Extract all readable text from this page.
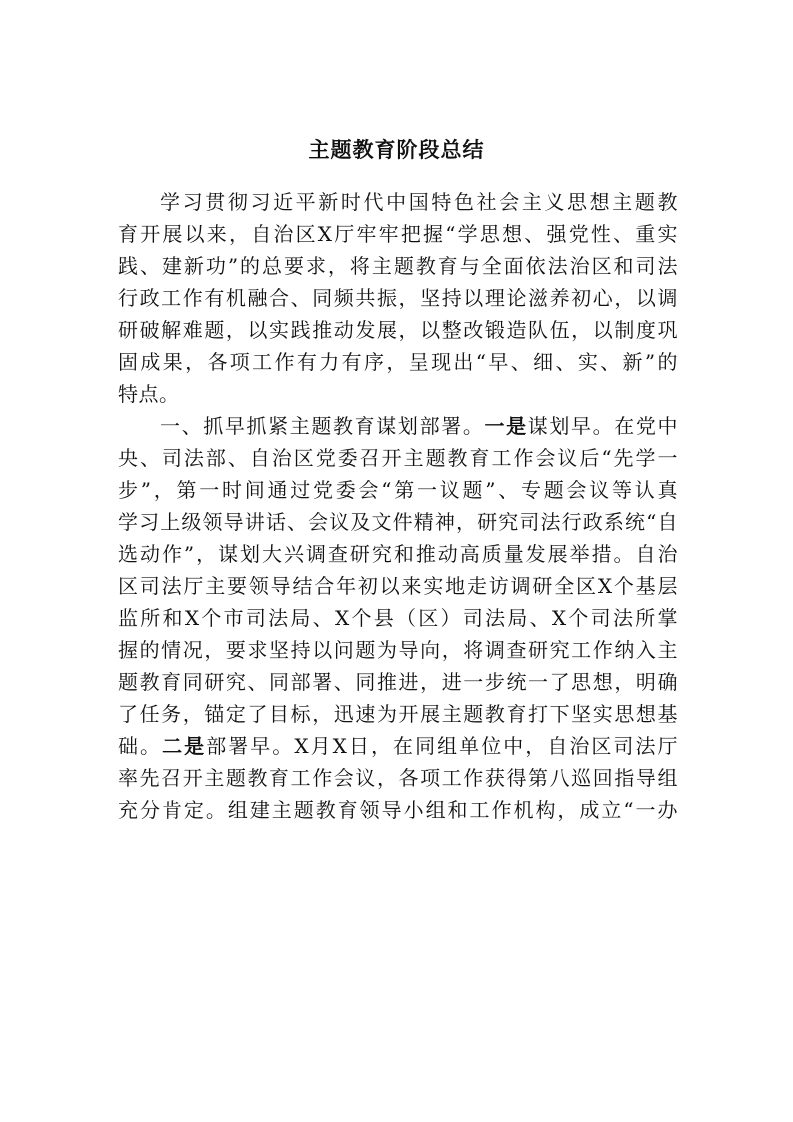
主题教育阶段总结
学习贯彻习近平新时代中国特色社会主义思想主题教
育开展以来，自治区X厅牢牢把握“学思想、强党性、重实
践、建新功”的总要求，将主题教育与全面依法治区和司法
行政工作有机融合、同频共振，坚持以理论滋养初心，以调
研破解难题，以实践推动发展，以整改锻造队伍，以制度巩
固成果，各项工作有力有序，呈现出“早、细、实、新”的
特点。
一、抓早抓紧主题教育谋划部署。一是谋划早。在党中
央、司法部、自治区党委召开主题教育工作会议后“先学一
步”，第一时间通过党委会“第一议题”、专题会议等认真
学习上级领导讲话、会议及文件精神，研究司法行政系统“自
选动作”，谋划大兴调查研究和推动高质量发展举措。自治
区司法厅主要领导结合年初以来实地走访调研全区X个基层
监所和X个市司法局、X个县（区）司法局、X个司法所掌
握的情况，要求坚持以问题为导向，将调查研究工作纳入主
题教育同研究、同部署、同推进，进一步统一了思想，明确
了任务，锚定了目标，迅速为开展主题教育打下坚实思想基
础。二是部署早。X月X日，在同组单位中，自治区司法厅
率先召开主题教育工作会议，各项工作获得第八巡回指导组
充分肯定。组建主题教育领导小组和工作机构，成立“一办
